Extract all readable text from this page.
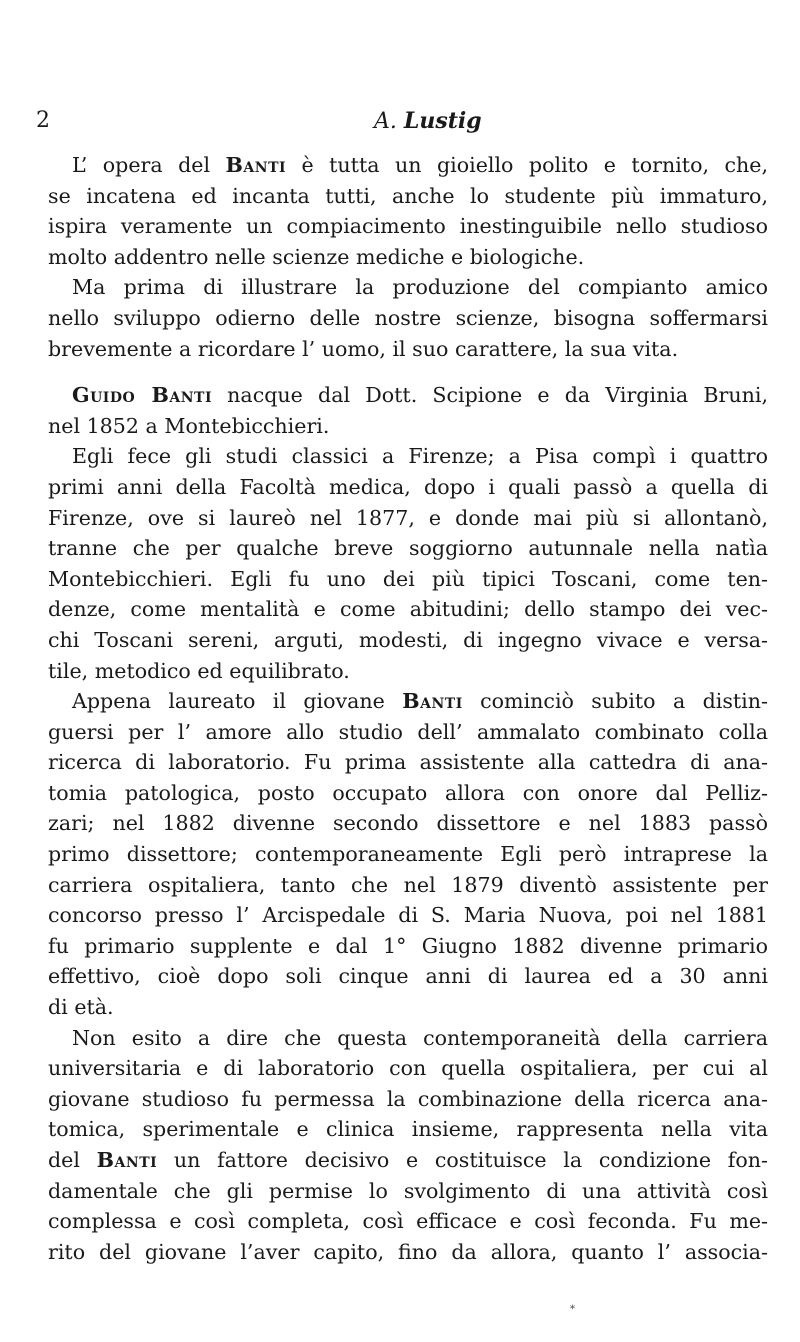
2	A. Lustig
L’ opera del Banti è tutta un gioiello polito e tornito, che,
se incatena ed incanta tutti, anche lo studente più immaturo,
ispira veramente un compiacimento inestinguibile nello studioso
molto addentro nelle scienze mediche e biologiche.
Ma prima di illustrare la produzione del compianto amico
nello sviluppo odierno delle nostre scienze, bisogna soffermarsi
brevemente a ricordare l’ uomo, il suo carattere, la sua vita.
Guido Banti nacque dal Dott. Scipione e da Virginia Bruni,
nel 1852 a Montebicchieri.
Egli fece gli studi classici a Firenze; a Pisa compì i quattro
primi anni della Facoltà medica, dopo i quali passò a quella di
Firenze, ove si laureò nel 1877, e donde mai più si allontanò,
tranne che per qualche breve soggiorno autunnale nella natìa
Montebicchieri. Egli fu uno dei più tipici Toscani, come ten-
denze, come mentalità e come abitudini; dello stampo dei vec-
chi Toscani sereni, arguti, modesti, di ingegno vivace e versa-
tile, metodico ed equilibrato.
Appena laureato il giovane Banti cominciò subito a distin-
guersi per l’ amore allo studio dell’ ammalato combinato colla
ricerca di laboratorio. Fu prima assistente alla cattedra di ana-
tomia patologica, posto occupato allora con onore dal Pelliz-
zari; nel 1882 divenne secondo dissettore e nel 1883 passò
primo dissettore; contemporaneamente Egli però intraprese la
carriera ospitaliera, tanto che nel 1879 diventò assistente per
concorso presso l’ Arcispedale di S. Maria Nuova, poi nel 1881
fu primario supplente e dal 1° Giugno 1882 divenne primario
effettivo, cioè dopo soli cinque anni di laurea ed a 30 anni
di età.
Non esito a dire che questa contemporaneità della carriera
universitaria e di laboratorio con quella ospitaliera, per cui al
giovane studioso fu permessa la combinazione della ricerca ana-
tomica, sperimentale e clinica insieme, rappresenta nella vita
del Banti un fattore decisivo e costituisce la condizione fon-
damentale che gli permise lo svolgimento di una attività così
complessa e così completa, così efficace e così feconda. Fu me-
rito del giovane l’aver capito, fino da allora, quanto l’ associa-
*
